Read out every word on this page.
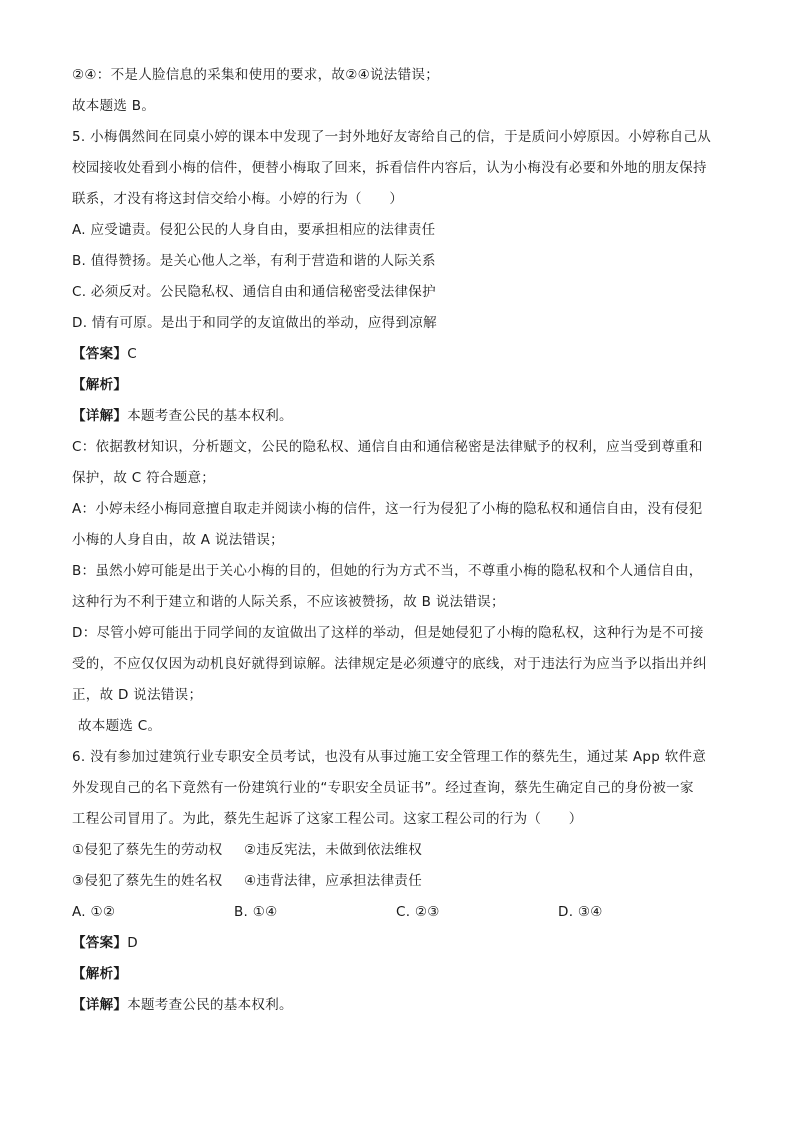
②④：不是人脸信息的采集和使用的要求，故②④说法错误；
故本题选 B。
5. 小梅偶然间在同桌小婷的课本中发现了一封外地好友寄给自己的信，于是质问小婷原因。小婷称自己从
校园接收处看到小梅的信件，便替小梅取了回来，拆看信件内容后，认为小梅没有必要和外地的朋友保持
联系，才没有将这封信交给小梅。小婷的行为（　　）
A. 应受谴责。侵犯公民的人身自由，要承担相应的法律责任
B. 值得赞扬。是关心他人之举，有利于营造和谐的人际关系
C. 必须反对。公民隐私权、通信自由和通信秘密受法律保护
D. 情有可原。是出于和同学的友谊做出的举动，应得到凉解
【答案】C
【解析】
【详解】本题考查公民的基本权利。
C：依据教材知识，分析题文，公民的隐私权、通信自由和通信秘密是法律赋予的权利，应当受到尊重和
保护，故 C 符合题意；
A：小婷未经小梅同意擅自取走并阅读小梅的信件，这一行为侵犯了小梅的隐私权和通信自由，没有侵犯
小梅的人身自由，故 A 说法错误；
B：虽然小婷可能是出于关心小梅的目的，但她的行为方式不当，不尊重小梅的隐私权和个人通信自由，
这种行为不利于建立和谐的人际关系，不应该被赞扬，故 B 说法错误；
D：尽管小婷可能出于同学间的友谊做出了这样的举动，但是她侵犯了小梅的隐私权，这种行为是不可接
受的，不应仅仅因为动机良好就得到谅解。法律规定是必须遵守的底线，对于违法行为应当予以指出并纠
正，故 D 说法错误；
故本题选 C。
6. 没有参加过建筑行业专职安全员考试，也没有从事过施工安全管理工作的蔡先生，通过某 App 软件意
外发现自己的名下竟然有一份建筑行业的“专职安全员证书”。经过查询，蔡先生确定自己的身份被一家
工程公司冒用了。为此，蔡先生起诉了这家工程公司。这家工程公司的行为（　　）
①侵犯了蔡先生的劳动权	②违反宪法，未做到依法维权
③侵犯了蔡先生的姓名权	④违背法律，应承担法律责任
A. ①②	B. ①④	C. ②③	D. ③④
【答案】D
【解析】
【详解】本题考查公民的基本权利。
